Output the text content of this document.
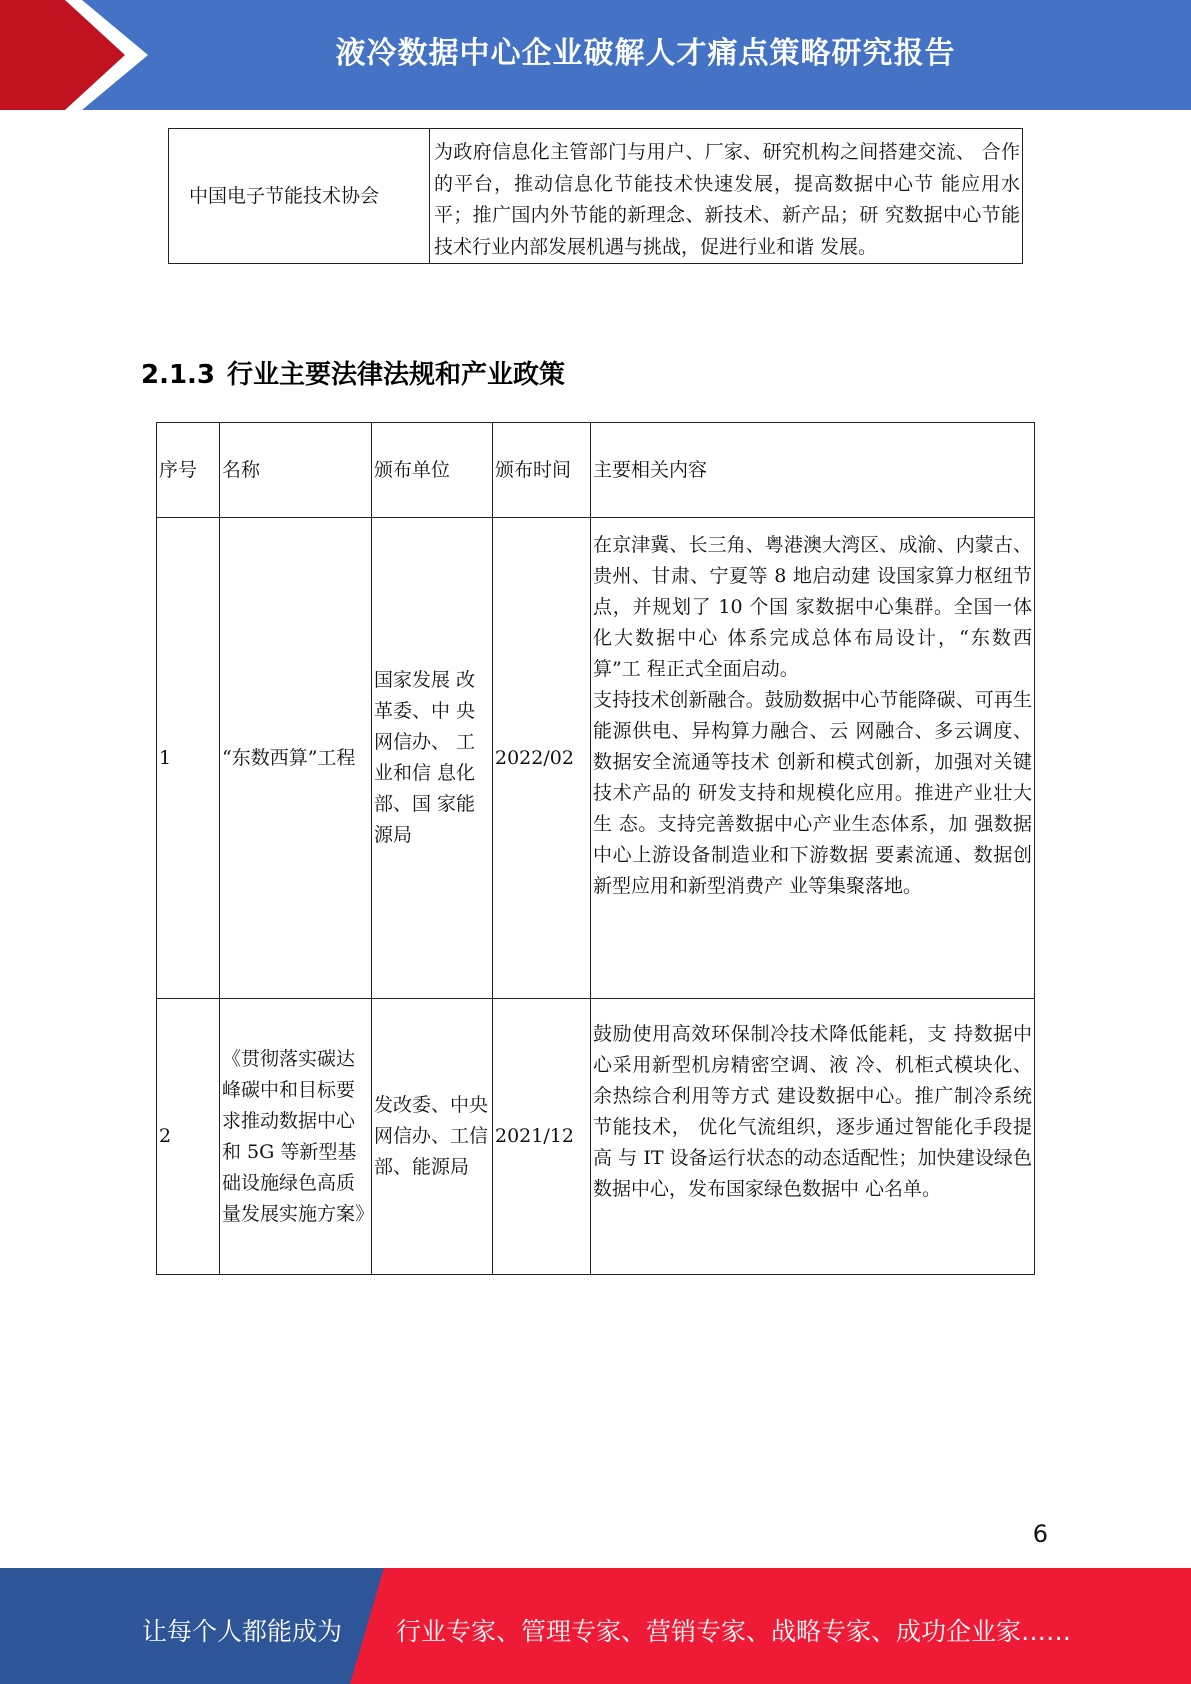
液冷数据中心企业破解人才痛点策略研究报告
中国电子节能技术协会	为政府信息化主管部门与用户、厂家、研究机构之间搭建交流、 合作的平台，推动信息化节能技术快速发展，提高数据中心节 能应用水平；推广国内外节能的新理念、新技术、新产品；研 究数据中心节能技术行业内部发展机遇与挑战，促进行业和谐 发展。
2.1.3 行业主要法律法规和产业政策
序号	名称	颁布单位	颁布时间	主要相关内容
1	“东数西算”工程	国家发展 改革委、中 央网信办、 工业和信 息化部、国 家能源局	2022/02	在京津冀、长三角、粤港澳大湾区、成渝、内蒙古、贵州、甘肃、宁夏等 8 地启动建 设国家算力枢纽节点，并规划了 10 个国 家数据中心集群。全国一体化大数据中心 体系完成总体布局设计，“东数西算”工 程正式全面启动。
支持技术创新融合。鼓励数据中心节能降碳、可再生能源供电、异构算力融合、云 网融合、多云调度、数据安全流通等技术 创新和模式创新，加强对关键技术产品的 研发支持和规模化应用。推进产业壮大生 态。支持完善数据中心产业生态体系，加 强数据中心上游设备制造业和下游数据 要素流通、数据创新型应用和新型消费产 业等集聚落地。

2	《贯彻落实碳达峰碳中和目标要求推动数据中心和 5G 等新型基础设施绿色高质量发展实施方案》	发改委、中央网信办、工信部、能源局	2021/12	鼓励使用高效环保制冷技术降低能耗，支 持数据中心采用新型机房精密空调、液 冷、机柜式模块化、余热综合利用等方式 建设数据中心。推广制冷系统节能技术， 优化气流组织，逐步通过智能化手段提高 与 IT 设备运行状态的动态适配性；加快建设绿色数据中心，发布国家绿色数据中 心名单。
6
让每个人都能成为 行业专家、管理专家、营销专家、战略专家、成功企业家……
